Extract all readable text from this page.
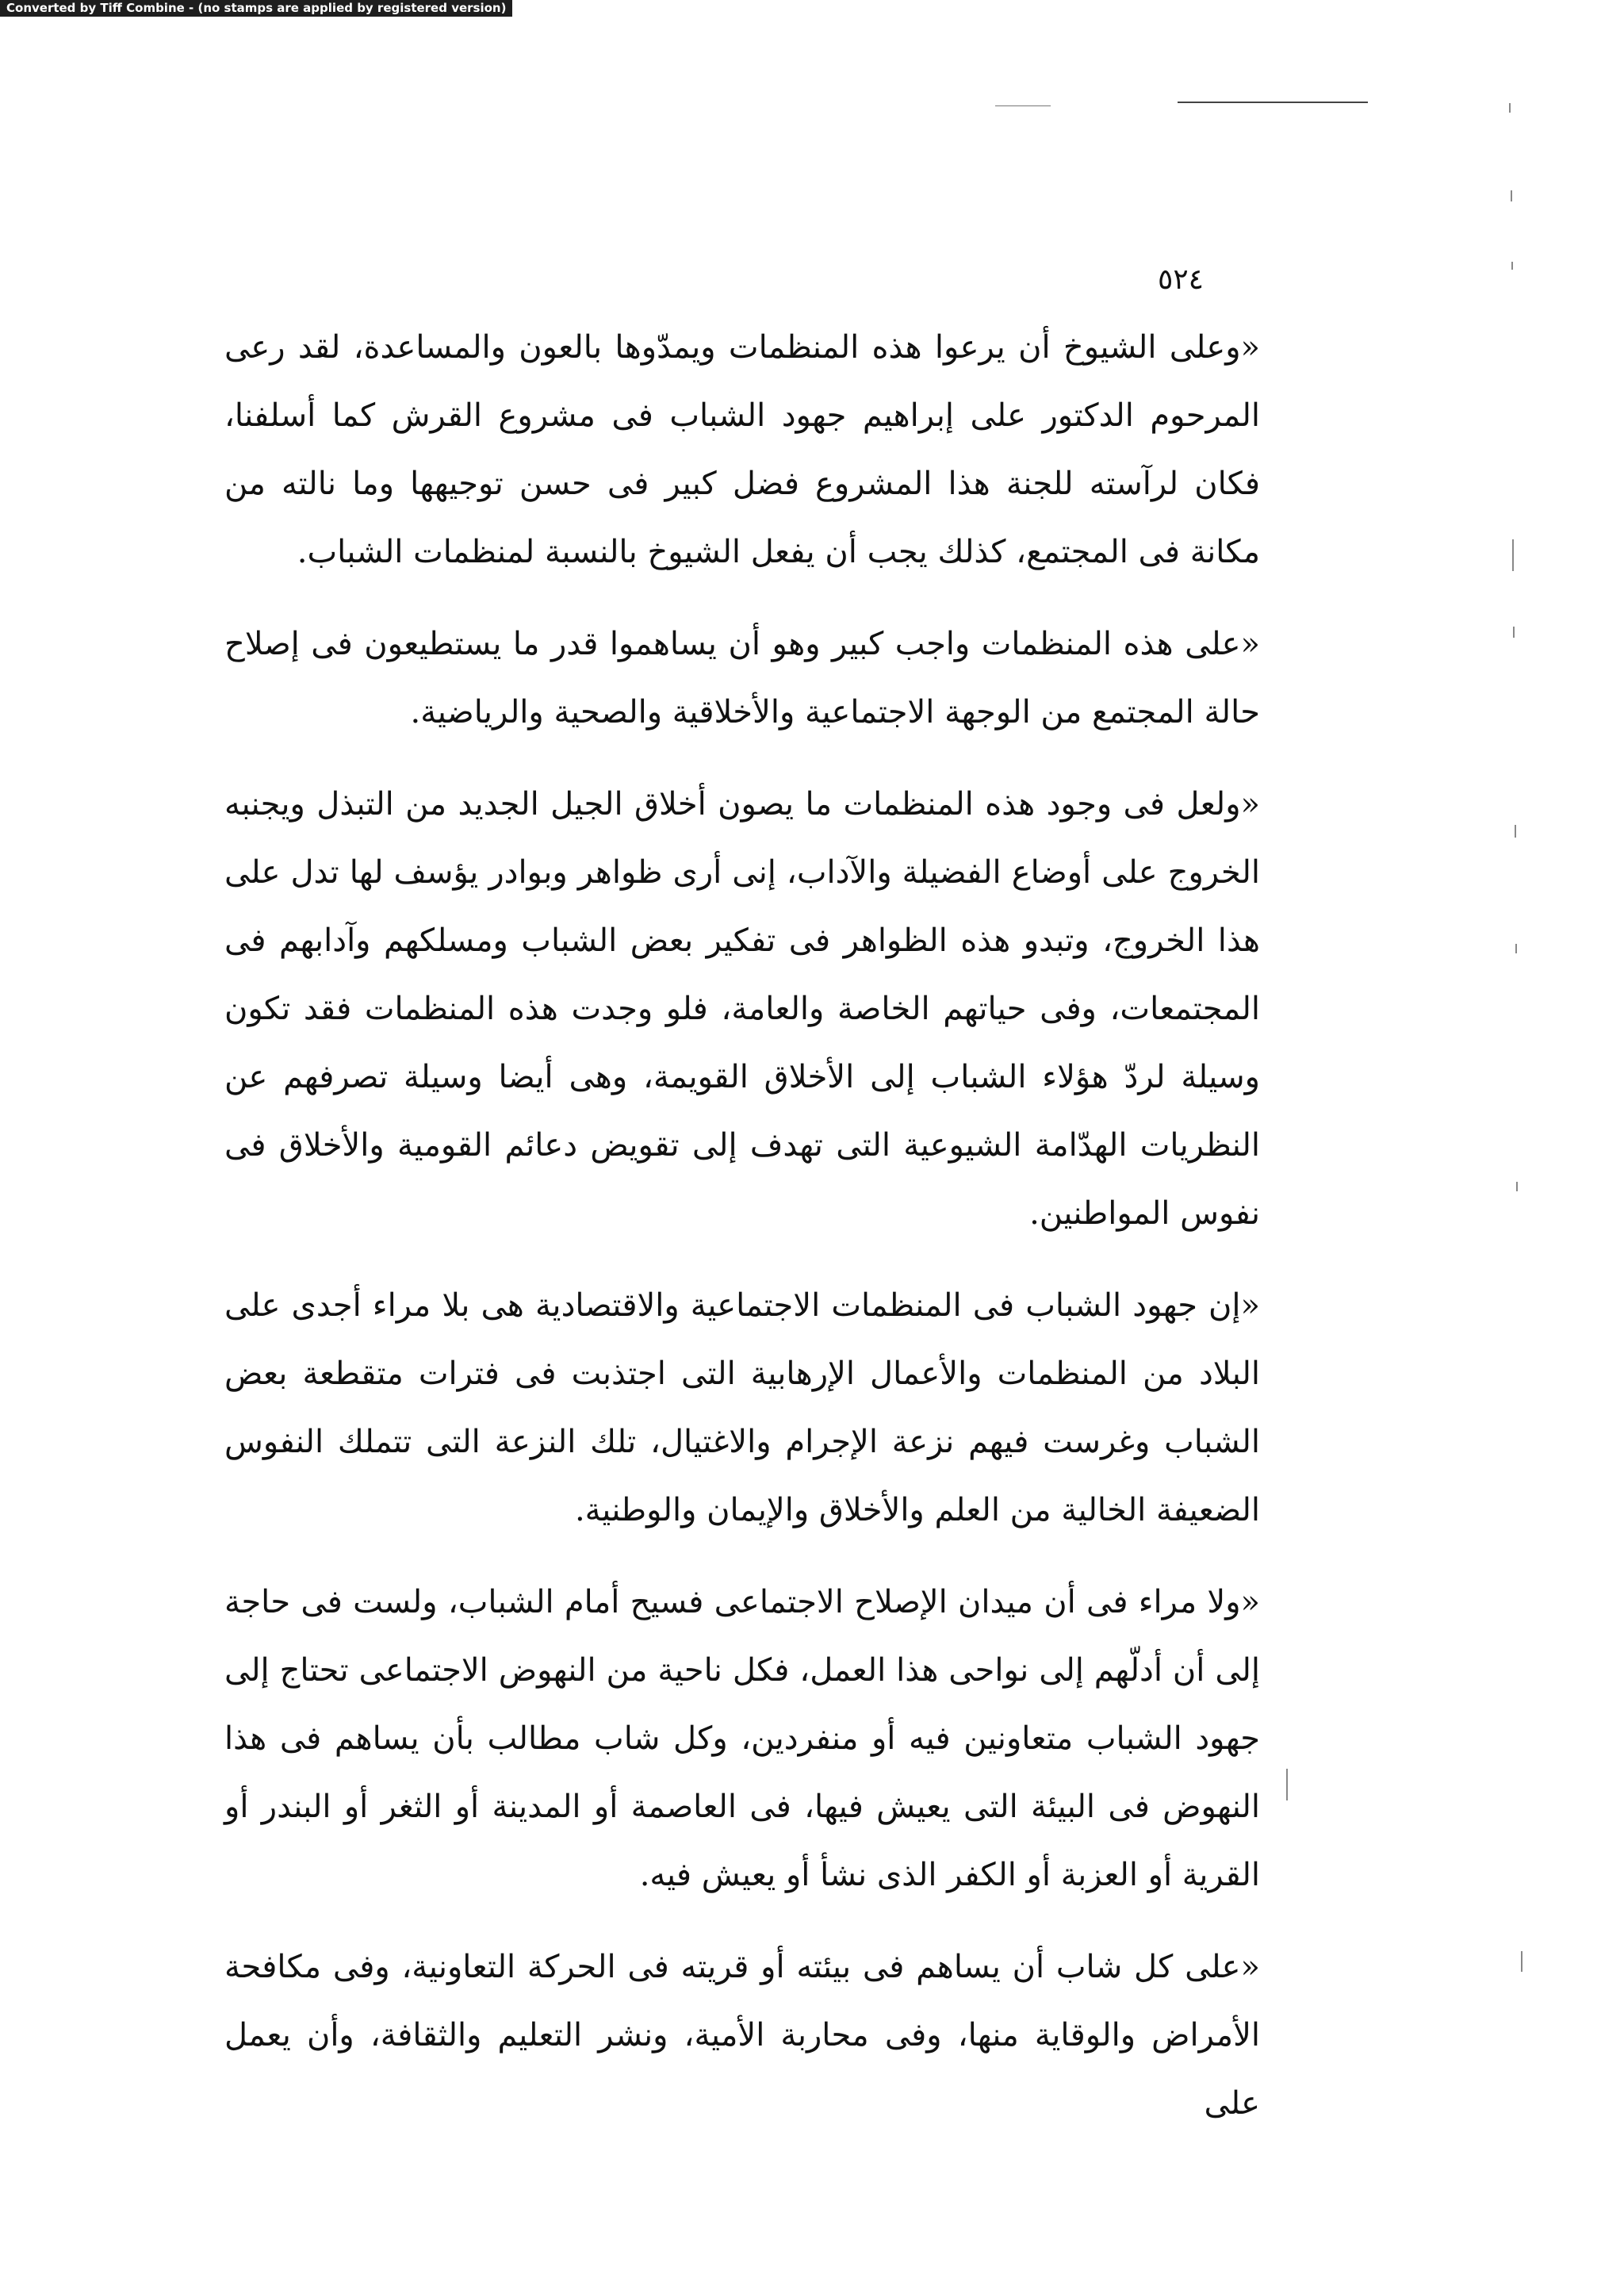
Converted by Tiff Combine - (no stamps are applied by registered version)
٥٢٤

«وعلى الشيوخ أن يرعوا هذه المنظمات ويمدّوها بالعون والمساعدة، لقد رعى المرحوم الدكتور على إبراهيم جهود الشباب فى مشروع القرش كما أسلفنا، فكان لرآسته للجنة هذا المشروع فضل كبير فى حسن توجيهها وما نالته من مكانة فى المجتمع، كذلك يجب أن يفعل الشيوخ بالنسبة لمنظمات الشباب.

«على هذه المنظمات واجب كبير وهو أن يساهموا قدر ما يستطيعون فى إصلاح حالة المجتمع من الوجهة الاجتماعية والأخلاقية والصحية والرياضية.

«ولعل فى وجود هذه المنظمات ما يصون أخلاق الجيل الجديد من التبذل ويجنبه الخروج على أوضاع الفضيلة والآداب، إنى أرى ظواهر وبوادر يؤسف لها تدل على هذا الخروج، وتبدو هذه الظواهر فى تفكير بعض الشباب ومسلكهم وآدابهم فى المجتمعات، وفى حياتهم الخاصة والعامة، فلو وجدت هذه المنظمات فقد تكون وسيلة لردّ هؤلاء الشباب إلى الأخلاق القويمة، وهى أيضا وسيلة تصرفهم عن النظريات الهدّامة الشيوعية التى تهدف إلى تقويض دعائم القومية والأخلاق فى نفوس المواطنين.

«إن جهود الشباب فى المنظمات الاجتماعية والاقتصادية هى بلا مراء أجدى على البلاد من المنظمات والأعمال الإرهابية التى اجتذبت فى فترات متقطعة بعض الشباب وغرست فيهم نزعة الإجرام والاغتيال، تلك النزعة التى تتملك النفوس الضعيفة الخالية من العلم والأخلاق والإيمان والوطنية.

«ولا مراء فى أن ميدان الإصلاح الاجتماعى فسيح أمام الشباب، ولست فى حاجة إلى أن أدلّهم إلى نواحى هذا العمل، فكل ناحية من النهوض الاجتماعى تحتاج إلى جهود الشباب متعاونين فيه أو منفردين، وكل شاب مطالب بأن يساهم فى هذا النهوض فى البيئة التى يعيش فيها، فى العاصمة أو المدينة أو الثغر أو البندر أو القرية أو العزبة أو الكفر الذى نشأ أو يعيش فيه.

«على كل شاب أن يساهم فى بيئته أو قريته فى الحركة التعاونية، وفى مكافحة الأمراض والوقاية منها، وفى محاربة الأمية، ونشر التعليم والثقافة، وأن يعمل على
